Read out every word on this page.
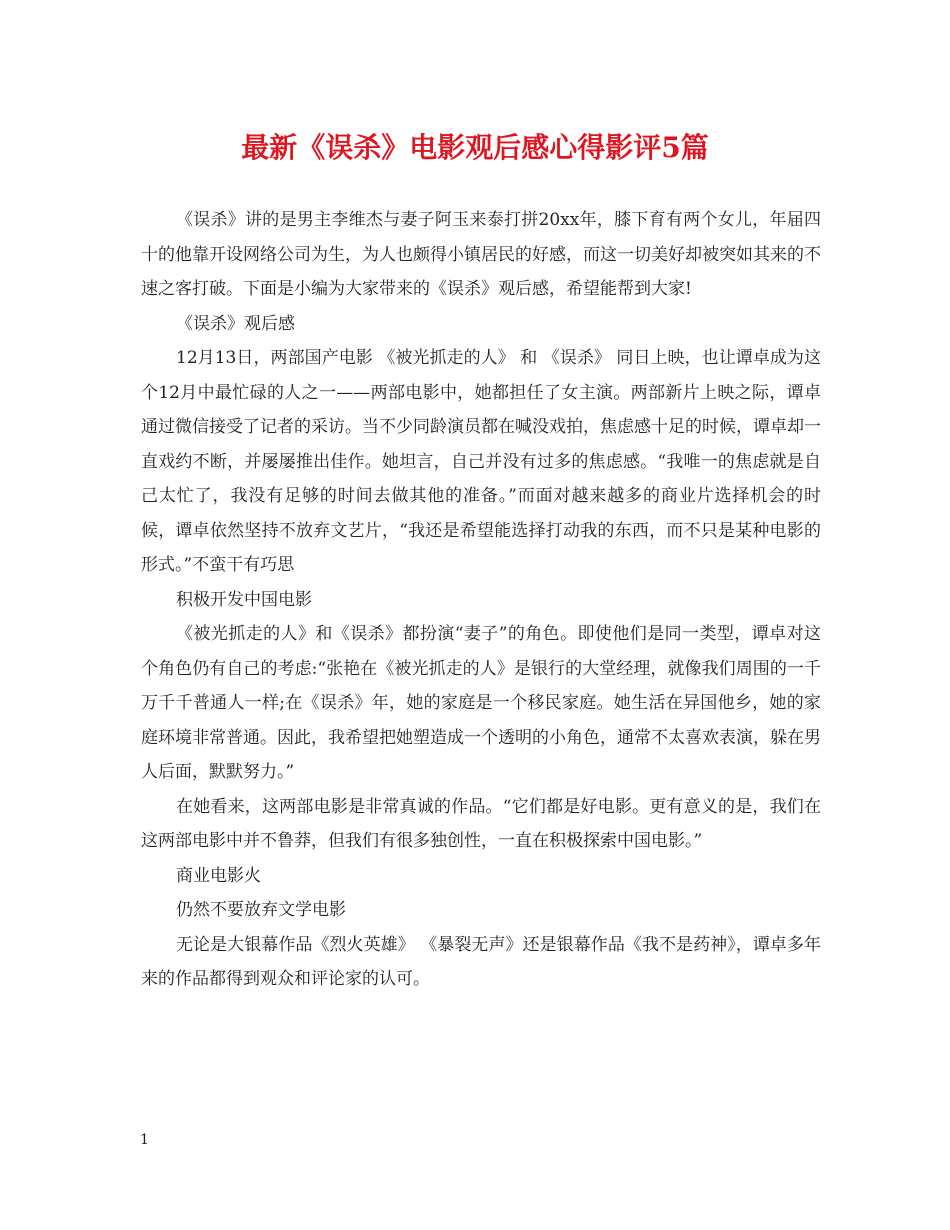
最新《误杀》电影观后感心得影评5篇

《误杀》讲的是男主李维杰与妻子阿玉来泰打拼20xx年，膝下育有两个女儿，年届四十的他靠开设网络公司为生，为人也颇得小镇居民的好感，而这一切美好却被突如其来的不速之客打破。下面是小编为大家带来的《误杀》观后感，希望能帮到大家!

《误杀》观后感

12月13日，两部国产电影 《被光抓走的人》 和 《误杀》 同日上映，也让谭卓成为这个12月中最忙碌的人之一——两部电影中，她都担任了女主演。两部新片上映之际，谭卓通过微信接受了记者的采访。当不少同龄演员都在喊没戏拍，焦虑感十足的时候，谭卓却一直戏约不断，并屡屡推出佳作。她坦言，自己并没有过多的焦虑感。“我唯一的焦虑就是自己太忙了，我没有足够的时间去做其他的准备。”而面对越来越多的商业片选择机会的时候，谭卓依然坚持不放弃文艺片，“我还是希望能选择打动我的东西，而不只是某种电影的形式。”不蛮干有巧思

积极开发中国电影

《被光抓走的人》和《误杀》都扮演“妻子”的角色。即使他们是同一类型，谭卓对这个角色仍有自己的考虑:“张艳在《被光抓走的人》是银行的大堂经理，就像我们周围的一千万千千普通人一样;在《误杀》年，她的家庭是一个移民家庭。她生活在异国他乡，她的家庭环境非常普通。因此，我希望把她塑造成一个透明的小角色，通常不太喜欢表演，躲在男人后面，默默努力。”

在她看来，这两部电影是非常真诚的作品。“它们都是好电影。更有意义的是，我们在这两部电影中并不鲁莽，但我们有很多独创性，一直在积极探索中国电影。”

商业电影火

仍然不要放弃文学电影

无论是大银幕作品《烈火英雄》 《暴裂无声》还是银幕作品《我不是药神》，谭卓多年来的作品都得到观众和评论家的认可。

1
